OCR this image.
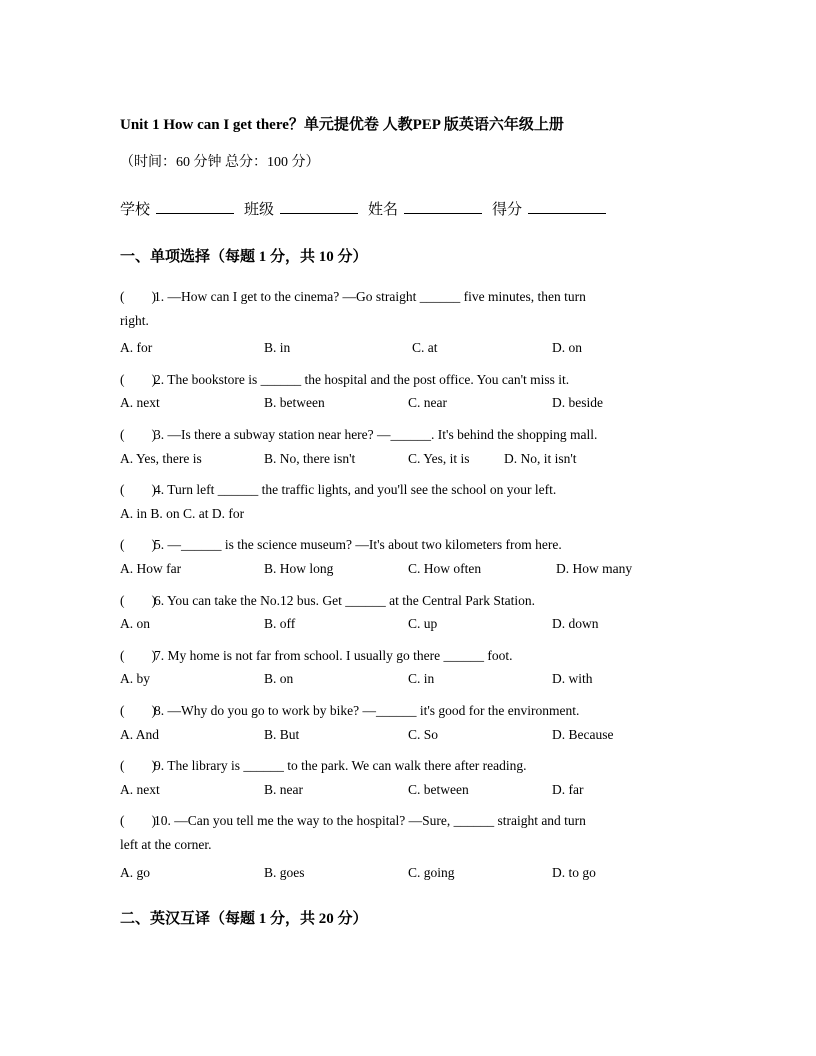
Unit 1 How can I get there？单元提优卷 人教PEP 版英语六年级上册
（时间：60 分钟 总分：100 分）
学校	班级	姓名	得分
一、单项选择（每题 1 分，共 10 分）
(　　)1. —How can I get to the cinema? —Go straight ______ five minutes, then turn
right.
A. for	B. in	C. at	D. on
(　　)2. The bookstore is ______ the hospital and the post office. You can't miss it.
A. next	B. between	C. near	D. beside
(　　)3. —Is there a subway station near here? —______. It's behind the shopping mall.
A. Yes, there is	B. No, there isn't	C. Yes, it is	D. No, it isn't
(　　)4. Turn left ______ the traffic lights, and you'll see the school on your left.
A. in B. on C. at D. for
(　　)5. —______ is the science museum? —It's about two kilometers from here.
A. How far	B. How long	C. How often	D. How many
(　　)6. You can take the No.12 bus. Get ______ at the Central Park Station.
A. on	B. off	C. up	D. down
(　　)7. My home is not far from school. I usually go there ______ foot.
A. by	B. on	C. in	D. with
(　　)8. —Why do you go to work by bike? —______ it's good for the environment.
A. And	B. But	C. So	D. Because
(　　)9. The library is ______ to the park. We can walk there after reading.
A. next	B. near	C. between	D. far
(　　)10. —Can you tell me the way to the hospital? —Sure, ______ straight and turn
left at the corner.
A. go	B. goes	C. going	D. to go
二、英汉互译（每题 1 分，共 20 分）
